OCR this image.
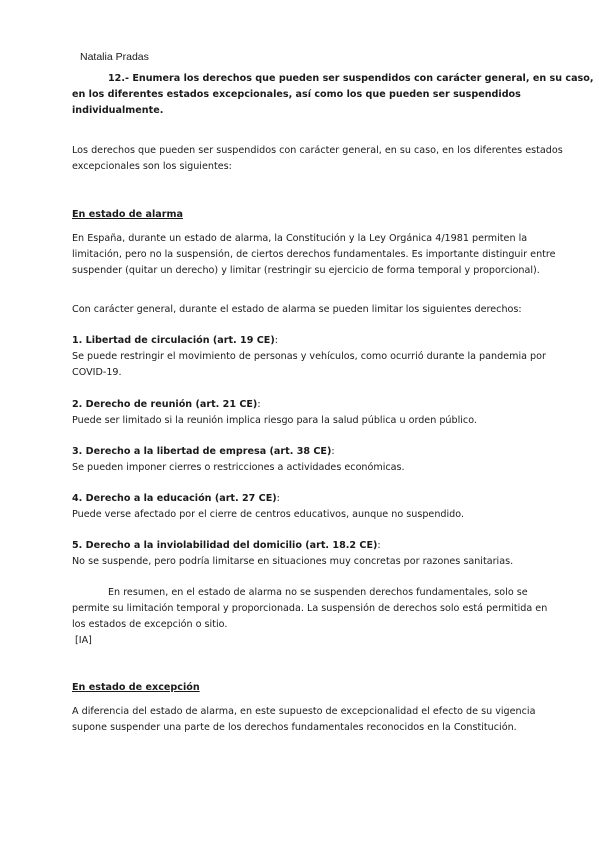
Natalia Pradas
12.- Enumera los derechos que pueden ser suspendidos con carácter general, en su caso,
en los diferentes estados excepcionales, así como los que pueden ser suspendidos
individualmente.
Los derechos que pueden ser suspendidos con carácter general, en su caso, en los diferentes estados
excepcionales son los siguientes:
En estado de alarma
En España, durante un estado de alarma, la Constitución y la Ley Orgánica 4/1981 permiten la
limitación, pero no la suspensión, de ciertos derechos fundamentales. Es importante distinguir entre
suspender (quitar un derecho) y limitar (restringir su ejercicio de forma temporal y proporcional).
Con carácter general, durante el estado de alarma se pueden limitar los siguientes derechos:
1. Libertad de circulación (art. 19 CE):
Se puede restringir el movimiento de personas y vehículos, como ocurrió durante la pandemia por
COVID-19.
2. Derecho de reunión (art. 21 CE):
Puede ser limitado si la reunión implica riesgo para la salud pública u orden público.
3. Derecho a la libertad de empresa (art. 38 CE):
Se pueden imponer cierres o restricciones a actividades económicas.
4. Derecho a la educación (art. 27 CE):
Puede verse afectado por el cierre de centros educativos, aunque no suspendido.
5. Derecho a la inviolabilidad del domicilio (art. 18.2 CE):
No se suspende, pero podría limitarse en situaciones muy concretas por razones sanitarias.
En resumen, en el estado de alarma no se suspenden derechos fundamentales, solo se
permite su limitación temporal y proporcionada. La suspensión de derechos solo está permitida en
los estados de excepción o sitio.
[IA]
En estado de excepción
A diferencia del estado de alarma, en este supuesto de excepcionalidad el efecto de su vigencia
supone suspender una parte de los derechos fundamentales reconocidos en la Constitución.
